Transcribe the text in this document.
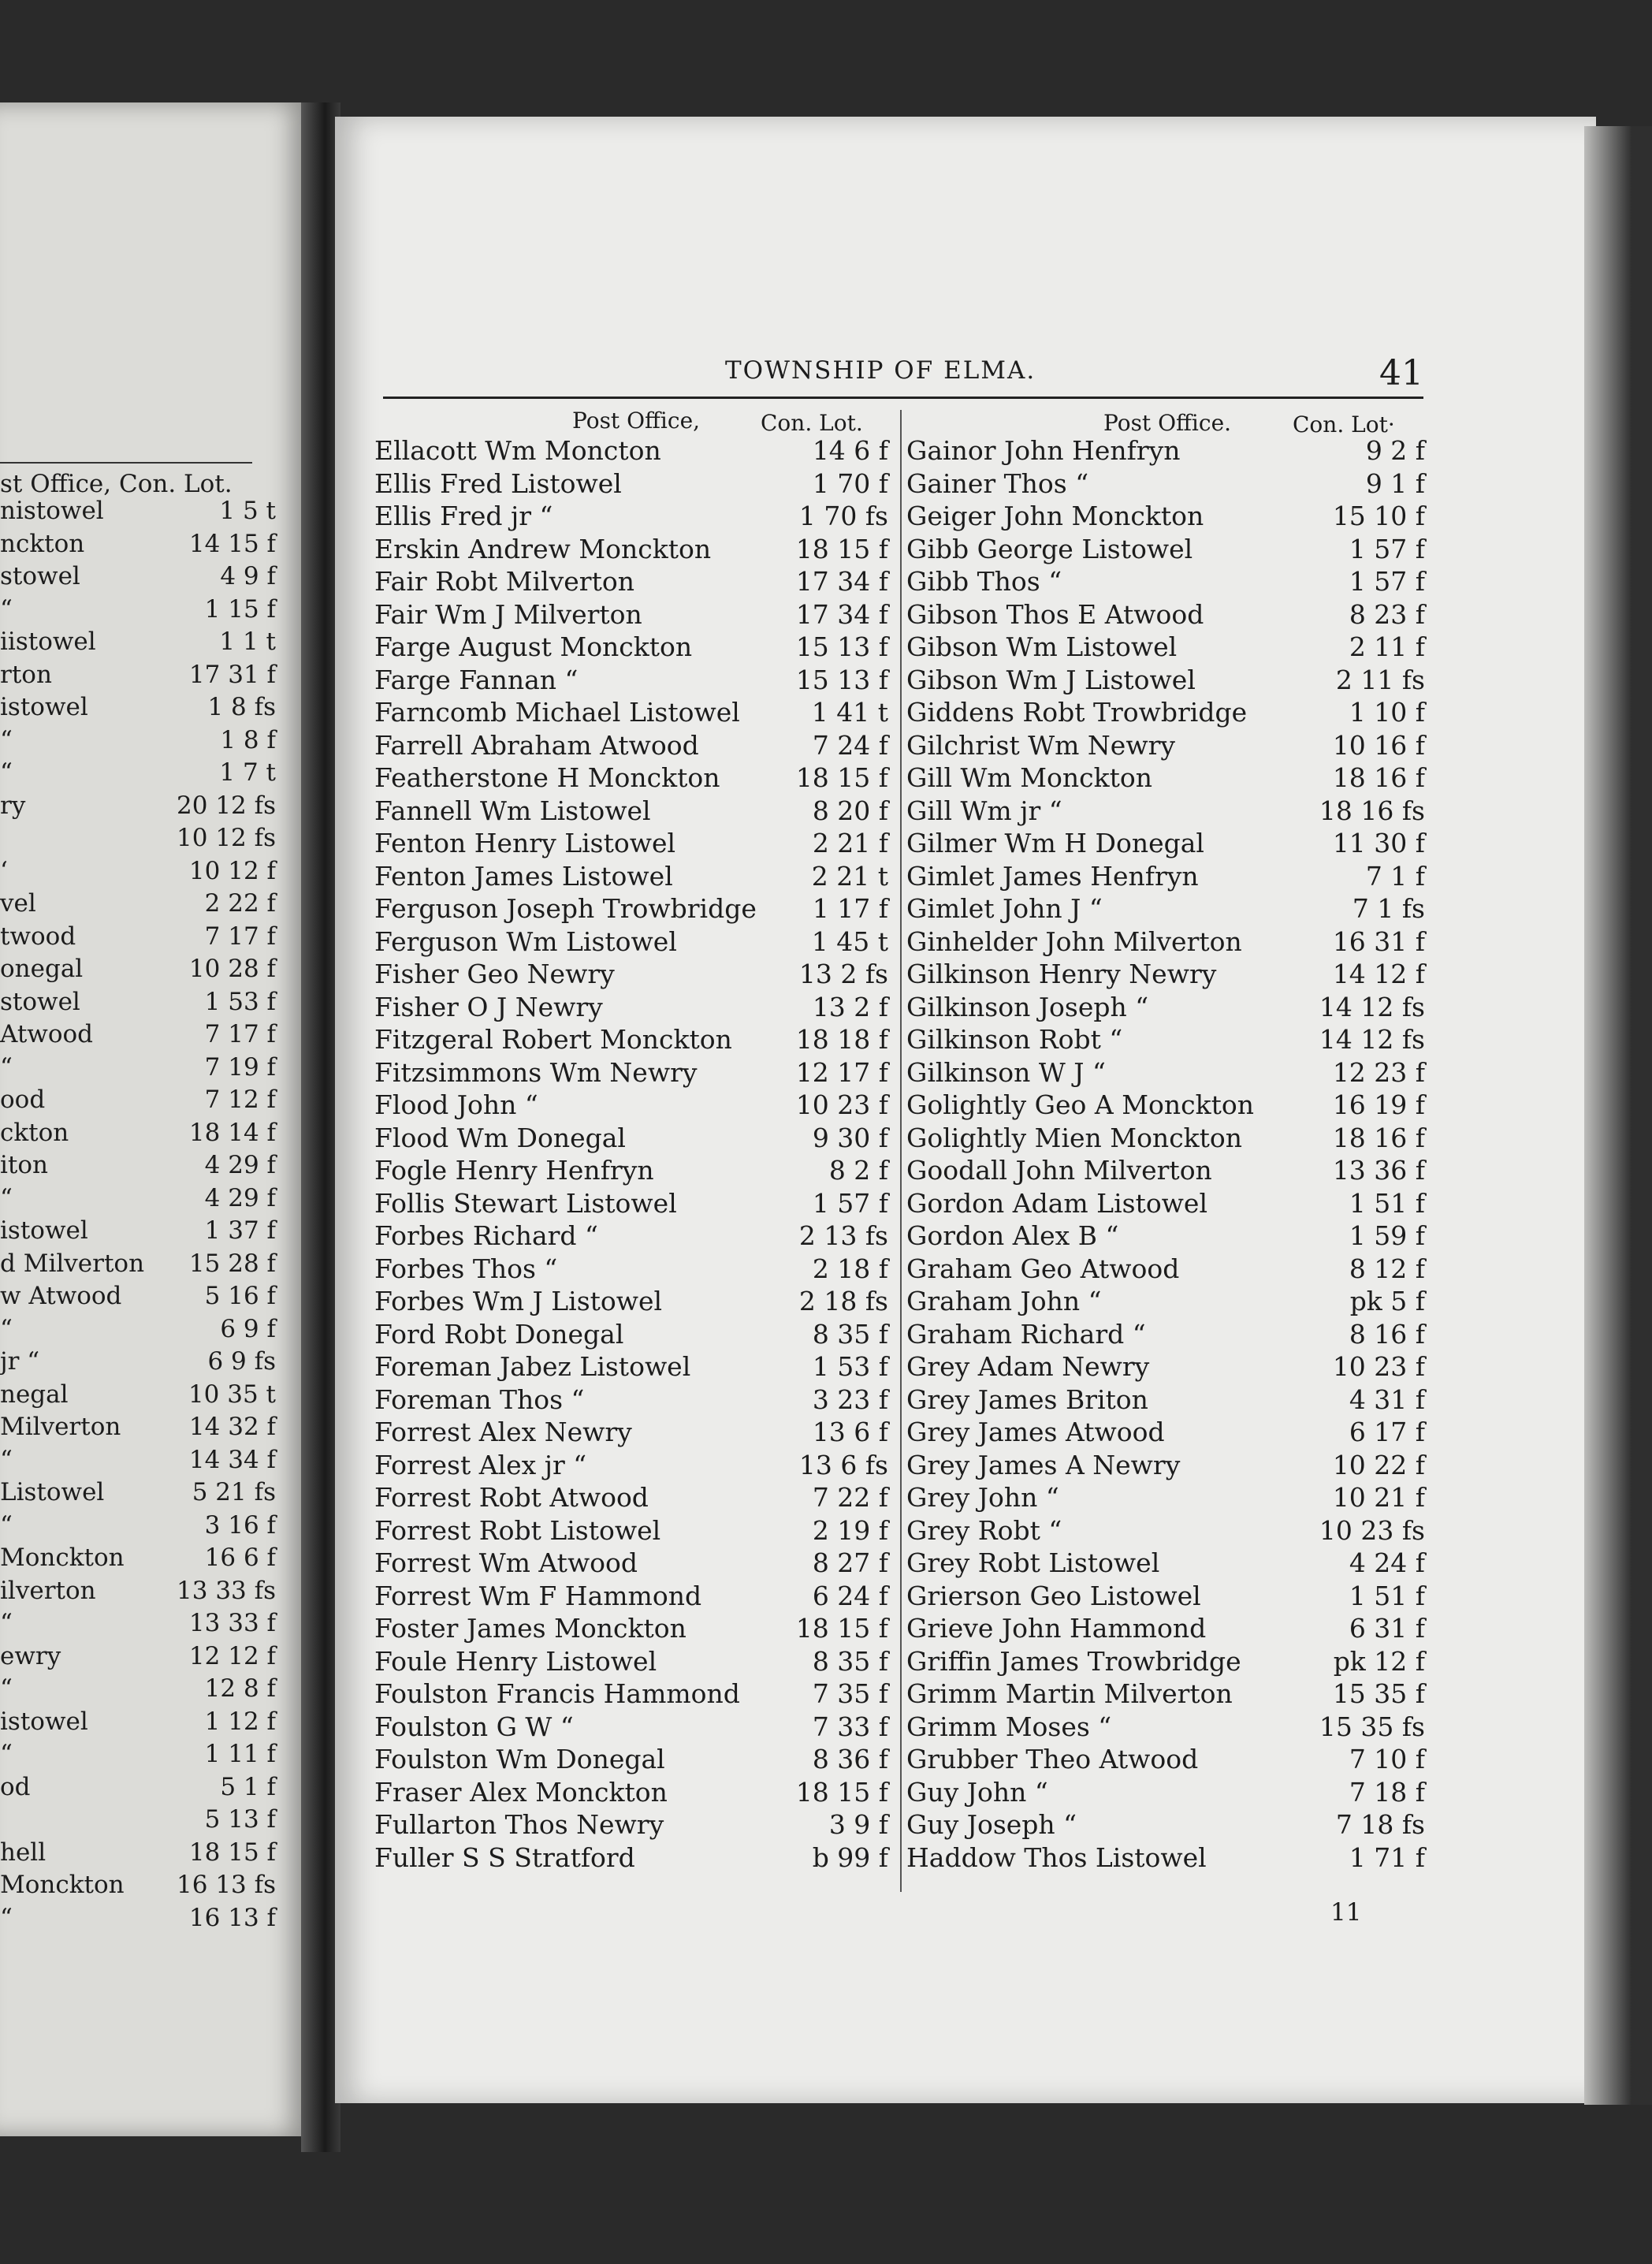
st Office, Con. Lot.
nistowel	1 5 t
nckton	14 15 f
stowel	4 9 f
“	1 15 f
iistowel	1 1 t
rton	17 31 f
istowel	1 8 fs
“	1 8 f
“	1 7 t
ry	20 12 fs
10 12 fs
‘	10 12 f
vel	2 22 f
twood	7 17 f
onegal	10 28 f
stowel	1 53 f
Atwood	7 17 f
“	7 19 f
ood	7 12 f
ckton	18 14 f
iton	4 29 f
“	4 29 f
istowel	1 37 f
d Milverton	15 28 f
w Atwood	5 16 f
“	6 9 f
jr “	6 9 fs
negal	10 35 t
Milverton	14 32 f
“	14 34 f
Listowel	5 21 fs
“	3 16 f
Monckton	16 6 f
ilverton	13 33 fs
“	13 33 f
ewry	12 12 f
“	12 8 f
istowel	1 12 f
“	1 11 f
od	5 1 f
5 13 f
hell	18 15 f
Monckton	16 13 fs
“	16 13 f
TOWNSHIP OF ELMA.	41
Post Office,	Con. Lot.	Post Office.	Con. Lot·
Ellacott Wm Moncton	14 6 f
Ellis Fred Listowel	1 70 f
Ellis Fred jr “	1 70 fs
Erskin Andrew Monckton	18 15 f
Fair Robt Milverton	17 34 f
Fair Wm J Milverton	17 34 f
Farge August Monckton	15 13 f
Farge Fannan “	15 13 f
Farncomb Michael Listowel	1 41 t
Farrell Abraham Atwood	7 24 f
Featherstone H Monckton	18 15 f
Fannell Wm Listowel	8 20 f
Fenton Henry Listowel	2 21 f
Fenton James Listowel	2 21 t
Ferguson Joseph Trowbridge	1 17 f
Ferguson Wm Listowel	1 45 t
Fisher Geo Newry	13 2 fs
Fisher O J Newry	13 2 f
Fitzgeral Robert Monckton	18 18 f
Fitzsimmons Wm Newry	12 17 f
Flood John “	10 23 f
Flood Wm Donegal	9 30 f
Fogle Henry Henfryn	8 2 f
Follis Stewart Listowel	1 57 f
Forbes Richard “	2 13 fs
Forbes Thos “	2 18 f
Forbes Wm J Listowel	2 18 fs
Ford Robt Donegal	8 35 f
Foreman Jabez Listowel	1 53 f
Foreman Thos “	3 23 f
Forrest Alex Newry	13 6 f
Forrest Alex jr “	13 6 fs
Forrest Robt Atwood	7 22 f
Forrest Robt Listowel	2 19 f
Forrest Wm Atwood	8 27 f
Forrest Wm F Hammond	6 24 f
Foster James Monckton	18 15 f
Foule Henry Listowel	8 35 f
Foulston Francis Hammond	7 35 f
Foulston G W “	7 33 f
Foulston Wm Donegal	8 36 f
Fraser Alex Monckton	18 15 f
Fullarton Thos Newry	3 9 f
Fuller S S Stratford	b 99 f
Gainor John Henfryn	9 2 f
Gainer Thos “	9 1 f
Geiger John Monckton	15 10 f
Gibb George Listowel	1 57 f
Gibb Thos “	1 57 f
Gibson Thos E Atwood	8 23 f
Gibson Wm Listowel	2 11 f
Gibson Wm J Listowel	2 11 fs
Giddens Robt Trowbridge	1 10 f
Gilchrist Wm Newry	10 16 f
Gill Wm Monckton	18 16 f
Gill Wm jr “	18 16 fs
Gilmer Wm H Donegal	11 30 f
Gimlet James Henfryn	7 1 f
Gimlet John J “	7 1 fs
Ginhelder John Milverton	16 31 f
Gilkinson Henry Newry	14 12 f
Gilkinson Joseph “	14 12 fs
Gilkinson Robt “	14 12 fs
Gilkinson W J “	12 23 f
Golightly Geo A Monckton	16 19 f
Golightly Mien Monckton	18 16 f
Goodall John Milverton	13 36 f
Gordon Adam Listowel	1 51 f
Gordon Alex B “	1 59 f
Graham Geo Atwood	8 12 f
Graham John “	pk 5 f
Graham Richard “	8 16 f
Grey Adam Newry	10 23 f
Grey James Briton	4 31 f
Grey James Atwood	6 17 f
Grey James A Newry	10 22 f
Grey John “	10 21 f
Grey Robt “	10 23 fs
Grey Robt Listowel	4 24 f
Grierson Geo Listowel	1 51 f
Grieve John Hammond	6 31 f
Griffin James Trowbridge	pk 12 f
Grimm Martin Milverton	15 35 f
Grimm Moses “	15 35 fs
Grubber Theo Atwood	7 10 f
Guy John “	7 18 f
Guy Joseph “	7 18 fs
Haddow Thos Listowel	1 71 f
11
